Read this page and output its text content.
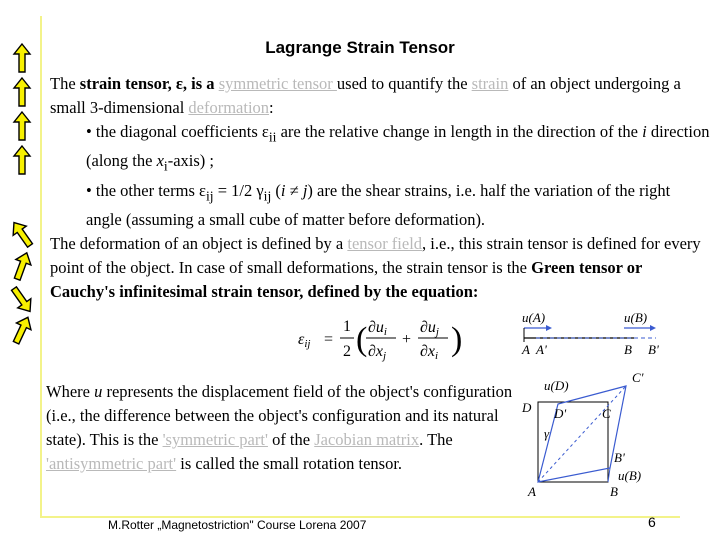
Lagrange Strain Tensor

The strain tensor, ε, is a symmetric tensor used to quantify the strain of an object undergoing a small 3-dimensional deformation:

• the diagonal coefficients $\varepsilon_{ii}$ are the relative change in length in the direction of the i direction (along the $x_i-axis$) ;

• the other terms $\varepsilon_{ij} = 1/2$ $\gamma_{ij}$ (i ≠ j) are the shear strains, i.e. half the variation of the right angle (assuming a small cube of matter before deformation).

The deformation of an object is defined by a tensor field, i.e., this strain tensor is defined for every point of the object. In case of small deformations, the strain tensor is the Green tensor or Cauchy's infinitesimal strain tensor, defined by the equation:

εij =
1
2 ( ∂ui
∂xj
+
∂uj
∂xi )

Where u represents the displacement field of the object's configuration (i.e., the difference between the object's configuration and its natural state). This is the 'symmetric part' of the Jacobian matrix. The 'antisymmetric part' is called the small rotation tensor.

u(A)	u(B)
A A'	B B'
C'
u(D)
D D'	C
γ
B'
u(B)
A	B
M.Rotter „Magnetostriction" Course Lorena 2007	6
